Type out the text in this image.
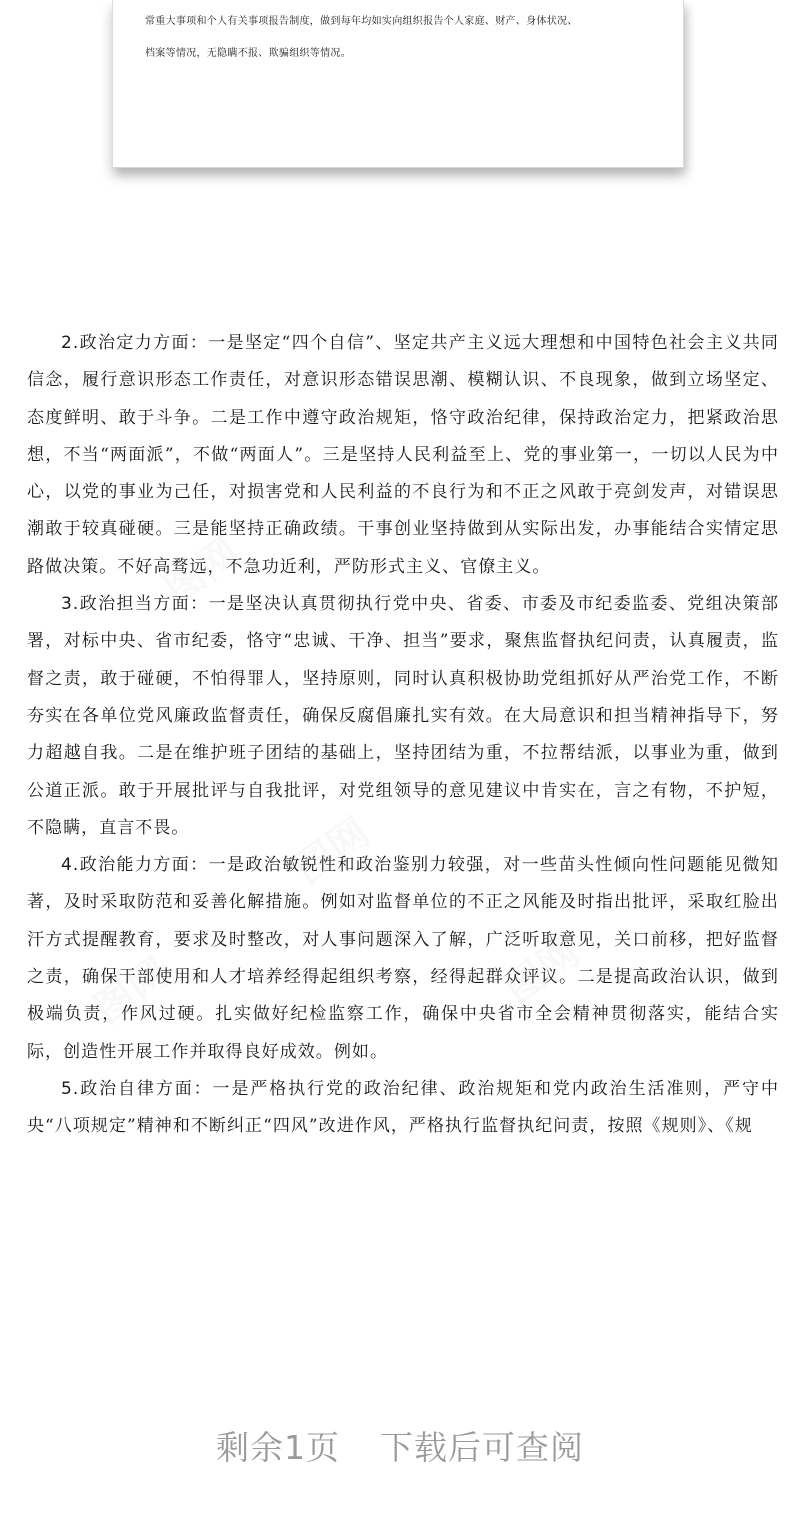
常重大事项和个人有关事项报告制度，做到每年均如实向组织报告个人家庭、财产、身体状况、
档案等情况，无隐瞒不报、欺骗组织等情况。

2.政治定力方面：一是坚定“四个自信”、坚定共产主义远大理想和中国特色社会主义共同信念，履行意识形态工作责任，对意识形态错误思潮、模糊认识、不良现象，做到立场坚定、态度鲜明、敢于斗争。二是工作中遵守政治规矩，恪守政治纪律，保持政治定力，把紧政治思想，不当“两面派”，不做“两面人”。三是坚持人民利益至上、党的事业第一，一切以人民为中心，以党的事业为己任，对损害党和人民利益的不良行为和不正之风敢于亮剑发声，对错误思潮敢于较真碰硬。三是能坚持正确政绩。干事创业坚持做到从实际出发，办事能结合实情定思路做决策。不好高骛远，不急功近利，严防形式主义、官僚主义。

3.政治担当方面：一是坚决认真贯彻执行党中央、省委、市委及市纪委监委、党组决策部署，对标中央、省市纪委，恪守“忠诚、干净、担当”要求，聚焦监督执纪问责，认真履责，监督之责，敢于碰硬，不怕得罪人，坚持原则，同时认真积极协助党组抓好从严治党工作，不断夯实在各单位党风廉政监督责任，确保反腐倡廉扎实有效。在大局意识和担当精神指导下，努力超越自我。二是在维护班子团结的基础上，坚持团结为重，不拉帮结派，以事业为重，做到公道正派。敢于开展批评与自我批评，对党组领导的意见建议中肯实在，言之有物，不护短，不隐瞒，直言不畏。

4.政治能力方面：一是政治敏锐性和政治鉴别力较强，对一些苗头性倾向性问题能见微知著，及时采取防范和妥善化解措施。例如对监督单位的不正之风能及时指出批评，采取红脸出汗方式提醒教育，要求及时整改，对人事问题深入了解，广泛听取意见，关口前移，把好监督之责，确保干部使用和人才培养经得起组织考察，经得起群众评议。二是提高政治认识，做到极端负责，作风过硬。扎实做好纪检监察工作，确保中央省市全会精神贯彻落实，能结合实际，创造性开展工作并取得良好成效。例如。

5.政治自律方面：一是严格执行党的政治纪律、政治规矩和党内政治生活准则，严守中央“八项规定”精神和不断纠正“四风”改进作风，严格执行监督执纪问责，按照《规则》、《规

图网
图网
图网
图网
剩余1页 下载后可查阅
